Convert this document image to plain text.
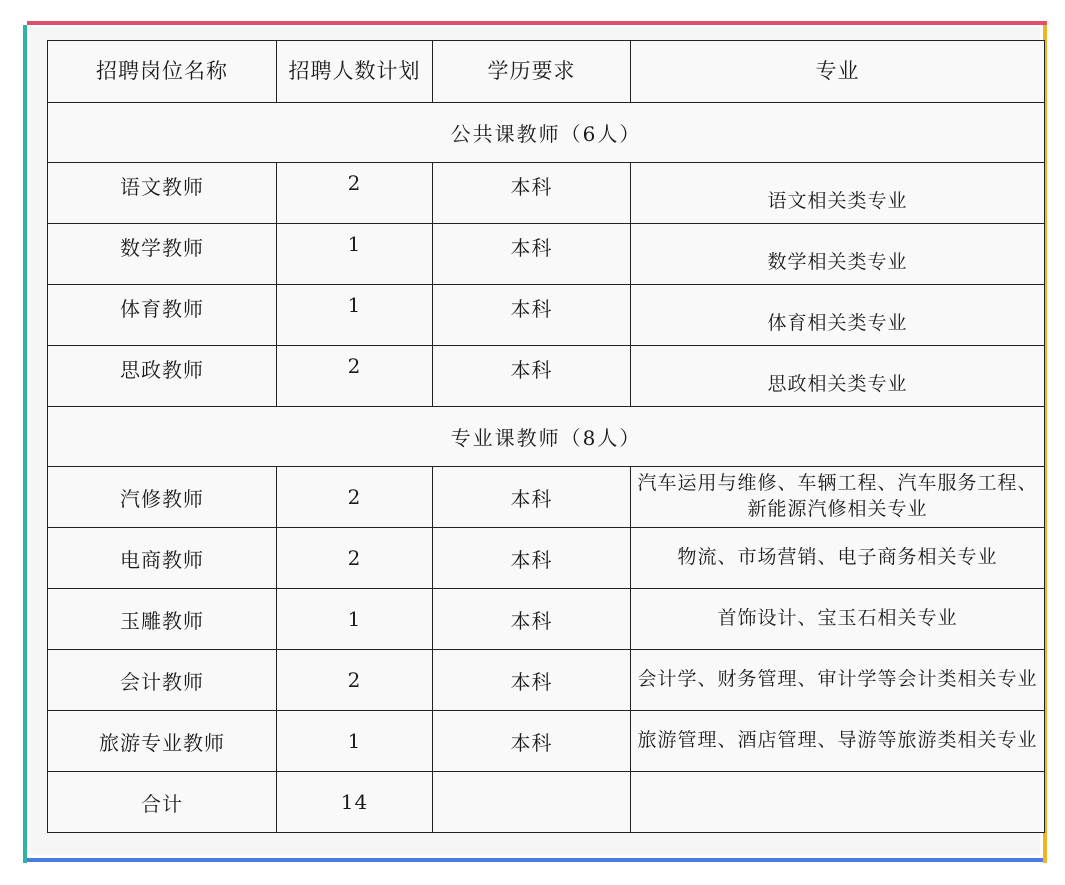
招聘岗位名称	招聘人数计划	学历要求	专业
公共课教师（6人）			
语文教师	2	本科	语文相关类专业
数学教师	1	本科	数学相关类专业
体育教师	1	本科	体育相关类专业
思政教师	2	本科	思政相关类专业
专业课教师（8人）			
汽修教师	2	本科	汽车运用与维修、车辆工程、汽车服务工程、新能源汽修相关专业
电商教师	2	本科	物流、市场营销、电子商务相关专业
玉雕教师	1	本科	首饰设计、宝玉石相关专业
会计教师	2	本科	会计学、财务管理、审计学等会计类相关专业
旅游专业教师	1	本科	旅游管理、酒店管理、导游等旅游类相关专业
合计	14		
